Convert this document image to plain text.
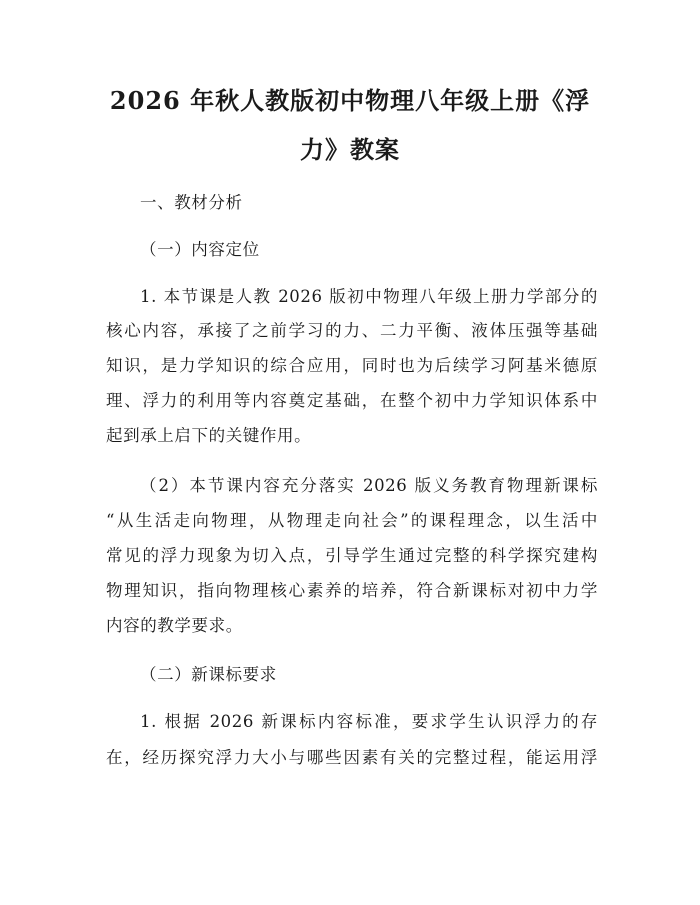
2026 年秋人教版初中物理八年级上册《浮
力》教案
一、教材分析
（一）内容定位
1. 本节课是人教 2026 版初中物理八年级上册力学部分的
核心内容，承接了之前学习的力、二力平衡、液体压强等基础
知识，是力学知识的综合应用，同时也为后续学习阿基米德原
理、浮力的利用等内容奠定基础，在整个初中力学知识体系中
起到承上启下的关键作用。
（2）本节课内容充分落实 2026 版义务教育物理新课标
“从生活走向物理，从物理走向社会”的课程理念，以生活中
常见的浮力现象为切入点，引导学生通过完整的科学探究建构
物理知识，指向物理核心素养的培养，符合新课标对初中力学
内容的教学要求。
（二）新课标要求
1. 根据 2026 新课标内容标准，要求学生认识浮力的存
在，经历探究浮力大小与哪些因素有关的完整过程，能运用浮
